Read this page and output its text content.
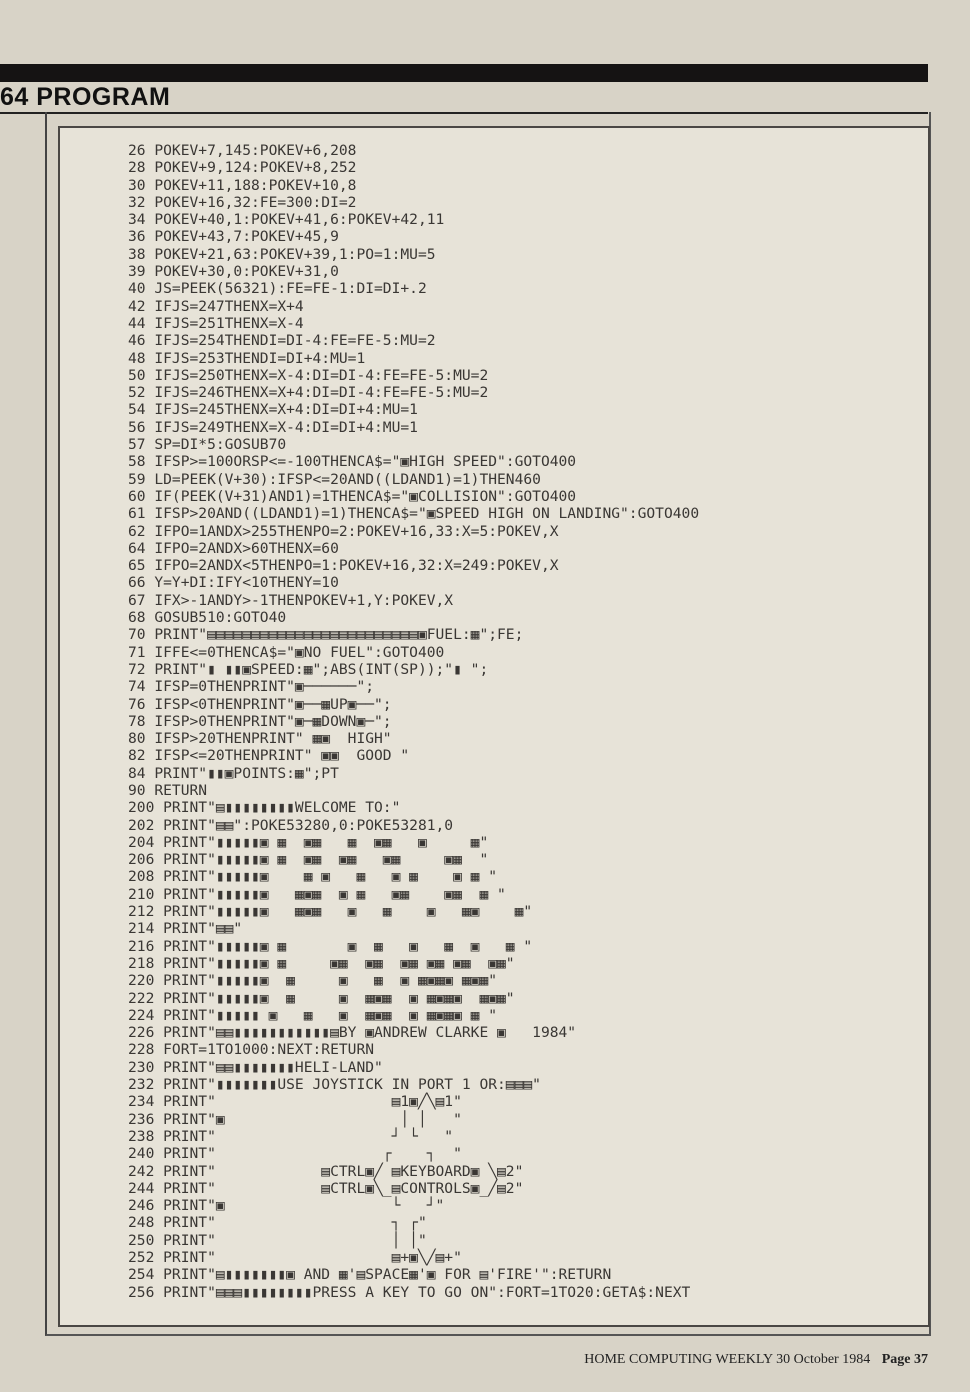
64 PROGRAM
26 POKEV+7,145:POKEV+6,208
28 POKEV+9,124:POKEV+8,252
30 POKEV+11,188:POKEV+10,8
32 POKEV+16,32:FE=300:DI=2
34 POKEV+40,1:POKEV+41,6:POKEV+42,11
36 POKEV+43,7:POKEV+45,9
38 POKEV+21,63:POKEV+39,1:PO=1:MU=5
39 POKEV+30,0:POKEV+31,0
40 JS=PEEK(56321):FE=FE-1:DI=DI+.2
42 IFJS=247THENX=X+4
44 IFJS=251THENX=X-4
46 IFJS=254THENDI=DI-4:FE=FE-5:MU=2
48 IFJS=253THENDI=DI+4:MU=1
50 IFJS=250THENX=X-4:DI=DI-4:FE=FE-5:MU=2
52 IFJS=246THENX=X+4:DI=DI-4:FE=FE-5:MU=2
54 IFJS=245THENX=X+4:DI=DI+4:MU=1
56 IFJS=249THENX=X-4:DI=DI+4:MU=1
57 SP=DI*5:GOSUB70
58 IFSP>=100ORSP<=-100THENCA$="▣HIGH SPEED":GOTO400
59 LD=PEEK(V+30):IFSP<=20AND((LDAND1)=1)THEN460
60 IF(PEEK(V+31)AND1)=1THENCA$="▣COLLISION":GOTO400
61 IFSP>20AND((LDAND1)=1)THENCA$="▣SPEED HIGH ON LANDING":GOTO400
62 IFPO=1ANDX>255THENPO=2:POKEV+16,33:X=5:POKEV,X
64 IFPO=2ANDX>60THENX=60
65 IFPO=2ANDX<5THENPO=1:POKEV+16,32:X=249:POKEV,X
66 Y=Y+DI:IFY<10THENY=10
67 IFX>-1ANDY>-1THENPOKEV+1,Y:POKEV,X
68 GOSUB510:GOTO40
70 PRINT"▤▤▤▤▤▤▤▤▤▤▤▤▤▤▤▤▤▤▤▤▤▤▤▤▣FUEL:▦";FE;
71 IFFE<=0THENCA$="▣NO FUEL":GOTO400
72 PRINT"▮ ▮▮▣SPEED:▦";ABS(INT(SP));"▮ ";
74 IFSP=0THENPRINT"▣──────";
76 IFSP<0THENPRINT"▣──▦UP▣──";
78 IFSP>0THENPRINT"▣─▦DOWN▣─";
80 IFSP>20THENPRINT" ▦▣  HIGH"
82 IFSP<=20THENPRINT" ▣▣  GOOD "
84 PRINT"▮▮▣POINTS:▦";PT
90 RETURN
200 PRINT"▤▮▮▮▮▮▮▮▮WELCOME TO:"
202 PRINT"▤▤":POKE53280,0:POKE53281,0
204 PRINT"▮▮▮▮▮▣ ▦  ▣▦   ▦  ▣▦   ▣     ▦"
206 PRINT"▮▮▮▮▮▣ ▦  ▣▦  ▣▦   ▣▦     ▣▦  "
208 PRINT"▮▮▮▮▮▣    ▦ ▣   ▦   ▣ ▦    ▣ ▦ "
210 PRINT"▮▮▮▮▮▣   ▦▣▦  ▣ ▦   ▣▦    ▣▦  ▦ "
212 PRINT"▮▮▮▮▮▣   ▦▣▦   ▣   ▦    ▣   ▦▣    ▦"
214 PRINT"▤▤"
216 PRINT"▮▮▮▮▮▣ ▦       ▣  ▦   ▣   ▦  ▣   ▦ "
218 PRINT"▮▮▮▮▮▣ ▦     ▣▦  ▣▦  ▣▦ ▣▦ ▣▦  ▣▦"
220 PRINT"▮▮▮▮▮▣  ▦     ▣   ▦  ▣ ▦▣▦▣ ▦▣▦"
222 PRINT"▮▮▮▮▮▣  ▦     ▣  ▦▣▦  ▣ ▦▣▦▣  ▦▣▦"
224 PRINT"▮▮▮▮▮ ▣   ▦   ▣  ▦▣▦  ▣ ▦▣▦▣ ▦ "
226 PRINT"▤▤▮▮▮▮▮▮▮▮▮▮▮▤BY ▣ANDREW CLARKE ▣   1984"
228 FORT=1TO1000:NEXT:RETURN
230 PRINT"▤▤▮▮▮▮▮▮▮HELI-LAND"
232 PRINT"▮▮▮▮▮▮▮USE JOYSTICK IN PORT 1 OR:▤▤▤"
234 PRINT"                    ▤1▣╱╲▤1"
236 PRINT"▣                    │ │   "
238 PRINT"                    ┘ └   "
240 PRINT"                   ┌    ┐  "
242 PRINT"            ▤CTRL▣╱ ▤KEYBOARD▣ ╲▤2"
244 PRINT"            ▤CTRL▣╲_▤CONTROLS▣_╱▤2"
246 PRINT"▣                   └   ┘"
248 PRINT"                    ┐ ┌"
250 PRINT"                    │ │"
252 PRINT"                    ▤+▣╲╱▤+"
254 PRINT"▤▮▮▮▮▮▮▮▣ AND ▦'▤SPACE▦'▣ FOR ▤'FIRE'":RETURN
256 PRINT"▤▤▤▮▮▮▮▮▮▮▮PRESS A KEY TO GO ON":FORT=1TO20:GETA$:NEXT
HOME COMPUTING WEEKLY 30 October 1984 Page 37
